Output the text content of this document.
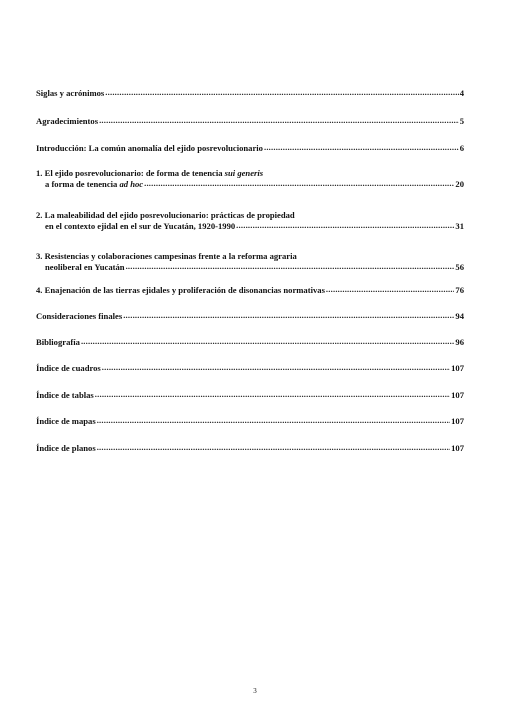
Siglas y acrónimos .....	4
Agradecimientos .....	5
Introducción: La común anomalía del ejido posrevolucionario .....	6
1. El ejido posrevolucionario: de forma de tenencia sui generis
a forma de tenencia ad hoc .....	20
2. La maleabilidad del ejido posrevolucionario: prácticas de propiedad
en el contexto ejidal en el sur de Yucatán, 1920-1990 .....	31
3. Resistencias y colaboraciones campesinas frente a la reforma agraria
neoliberal en Yucatán .....	56
4. Enajenación de las tierras ejidales y proliferación de disonancias normativas .....	76
Consideraciones finales .....	94
Bibliografía .....	96
Índice de cuadros .....	107
Índice de tablas .....	107
Índice de mapas .....	107
Índice de planos .....	107
3
